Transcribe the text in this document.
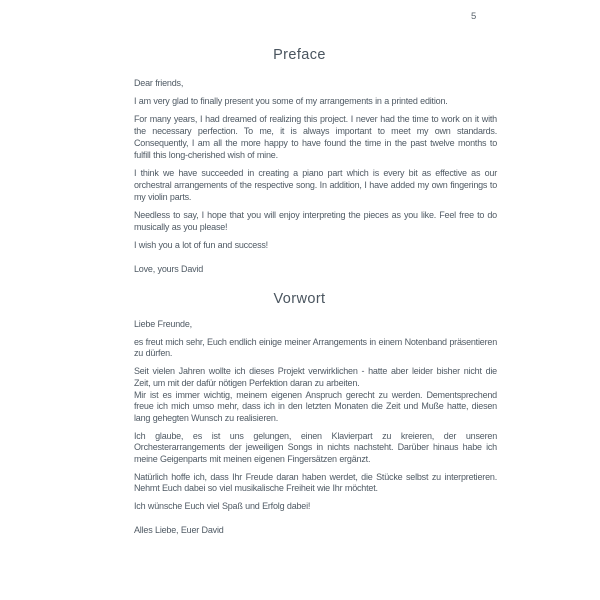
5
Preface

Dear friends,

I am very glad to finally present you some of my arrangements in a printed edition.

For many years, I had dreamed of realizing this project. I never had the time to work on it with the necessary perfection. To me, it is always important to meet my own standards. Consequently, I am all the more happy to have found the time in the past twelve months to fulfill this long-cherished wish of mine.

I think we have succeeded in creating a piano part which is every bit as effective as our orchestral arrangements of the respective song. In addition, I have added my own fingerings to my violin parts.

Needless to say, I hope that you will enjoy interpreting the pieces as you like. Feel free to do musically as you please!

I wish you a lot of fun and success!

Love, yours David

Vorwort

Liebe Freunde,

es freut mich sehr, Euch endlich einige meiner Arrangements in einem Notenband präsentieren zu dürfen.

Seit vielen Jahren wollte ich dieses Projekt verwirklichen - hatte aber leider bisher nicht die Zeit, um mit der dafür nötigen Perfektion daran zu arbeiten.

Mir ist es immer wichtig, meinem eigenen Anspruch gerecht zu werden. Dementsprechend freue ich mich umso mehr, dass ich in den letzten Monaten die Zeit und Muße hatte, diesen lang gehegten Wunsch zu realisieren.

Ich glaube, es ist uns gelungen, einen Klavierpart zu kreieren, der unseren Orchesterarrangements der jeweiligen Songs in nichts nachsteht. Darüber hinaus habe ich meine Geigenparts mit meinen eigenen Fingersätzen ergänzt.

Natürlich hoffe ich, dass Ihr Freude daran haben werdet, die Stücke selbst zu interpretieren. Nehmt Euch dabei so viel musikalische Freiheit wie Ihr möchtet.

Ich wünsche Euch viel Spaß und Erfolg dabei!

Alles Liebe, Euer David
